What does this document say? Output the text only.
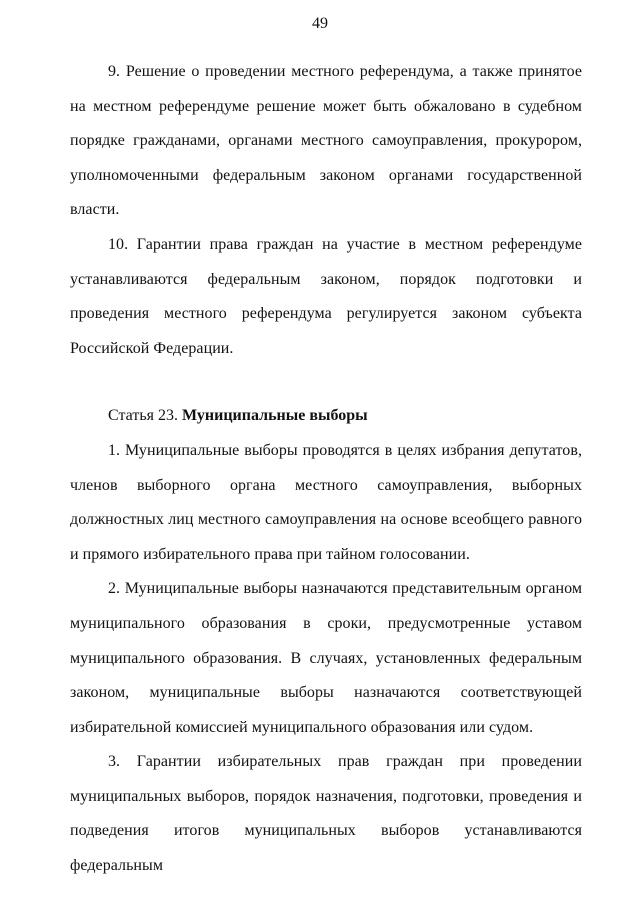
49

9. Решение о проведении местного референдума, а также принятое на местном референдуме решение может быть обжаловано в судебном порядке гражданами, органами местного самоуправления, прокурором, уполномоченными федеральным законом органами государственной власти.

10. Гарантии права граждан на участие в местном референдуме устанавливаются федеральным законом, порядок подготовки и проведения местного референдума регулируется законом субъекта Российской Федерации.

Статья 23. Муниципальные выборы

1. Муниципальные выборы проводятся в целях избрания депутатов, членов выборного органа местного самоуправления, выборных должностных лиц местного самоуправления на основе всеобщего равного и прямого избирательного права при тайном голосовании.

2. Муниципальные выборы назначаются представительным органом муниципального образования в сроки, предусмотренные уставом муниципального образования. В случаях, установленных федеральным законом, муниципальные выборы назначаются соответствующей избирательной комиссией муниципального образования или судом.

3. Гарантии избирательных прав граждан при проведении муниципальных выборов, порядок назначения, подготовки, проведения и подведения итогов муниципальных выборов устанавливаются федеральным
